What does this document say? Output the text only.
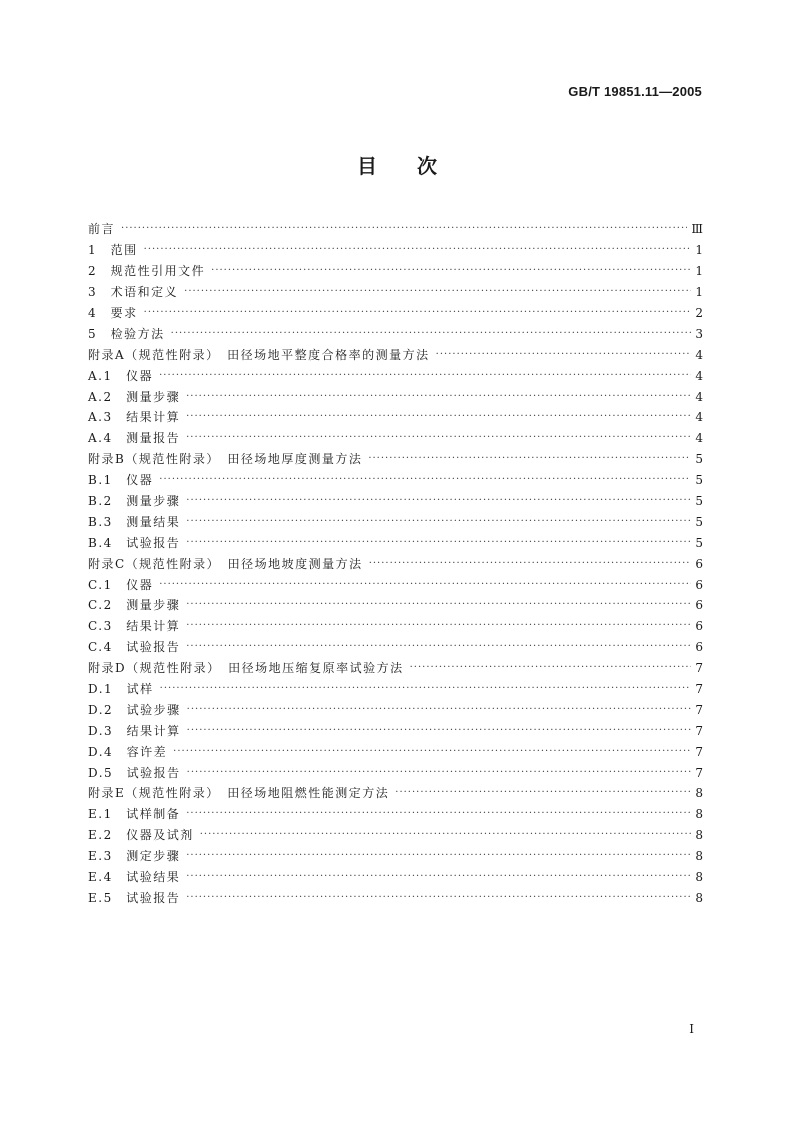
GB/T 19851.11—2005
目次
前言 ·····	Ⅲ
1　范围 ·····	1
2　规范性引用文件 ·····	1
3　术语和定义 ·····	1
4　要求 ·····	2
5　检验方法 ·····	3
附录A（规范性附录）　田径场地平整度合格率的测量方法 ·····	4
A.1　仪器 ·····	4
A.2　测量步骤 ·····	4
A.3　结果计算 ·····	4
A.4　测量报告 ·····	4
附录B（规范性附录）　田径场地厚度测量方法 ·····	5
B.1　仪器 ·····	5
B.2　测量步骤 ·····	5
B.3　测量结果 ·····	5
B.4　试验报告 ·····	5
附录C（规范性附录）　田径场地坡度测量方法 ·····	6
C.1　仪器 ·····	6
C.2　测量步骤 ·····	6
C.3　结果计算 ·····	6
C.4　试验报告 ·····	6
附录D（规范性附录）　田径场地压缩复原率试验方法 ·····	7
D.1　试样 ·····	7
D.2　试验步骤 ·····	7
D.3　结果计算 ·····	7
D.4　容许差 ·····	7
D.5　试验报告 ·····	7
附录E（规范性附录）　田径场地阻燃性能测定方法 ·····	8
E.1　试样制备 ·····	8
E.2　仪器及试剂 ·····	8
E.3　测定步骤 ·····	8
E.4　试验结果 ·····	8
E.5　试验报告 ·····	8
I
